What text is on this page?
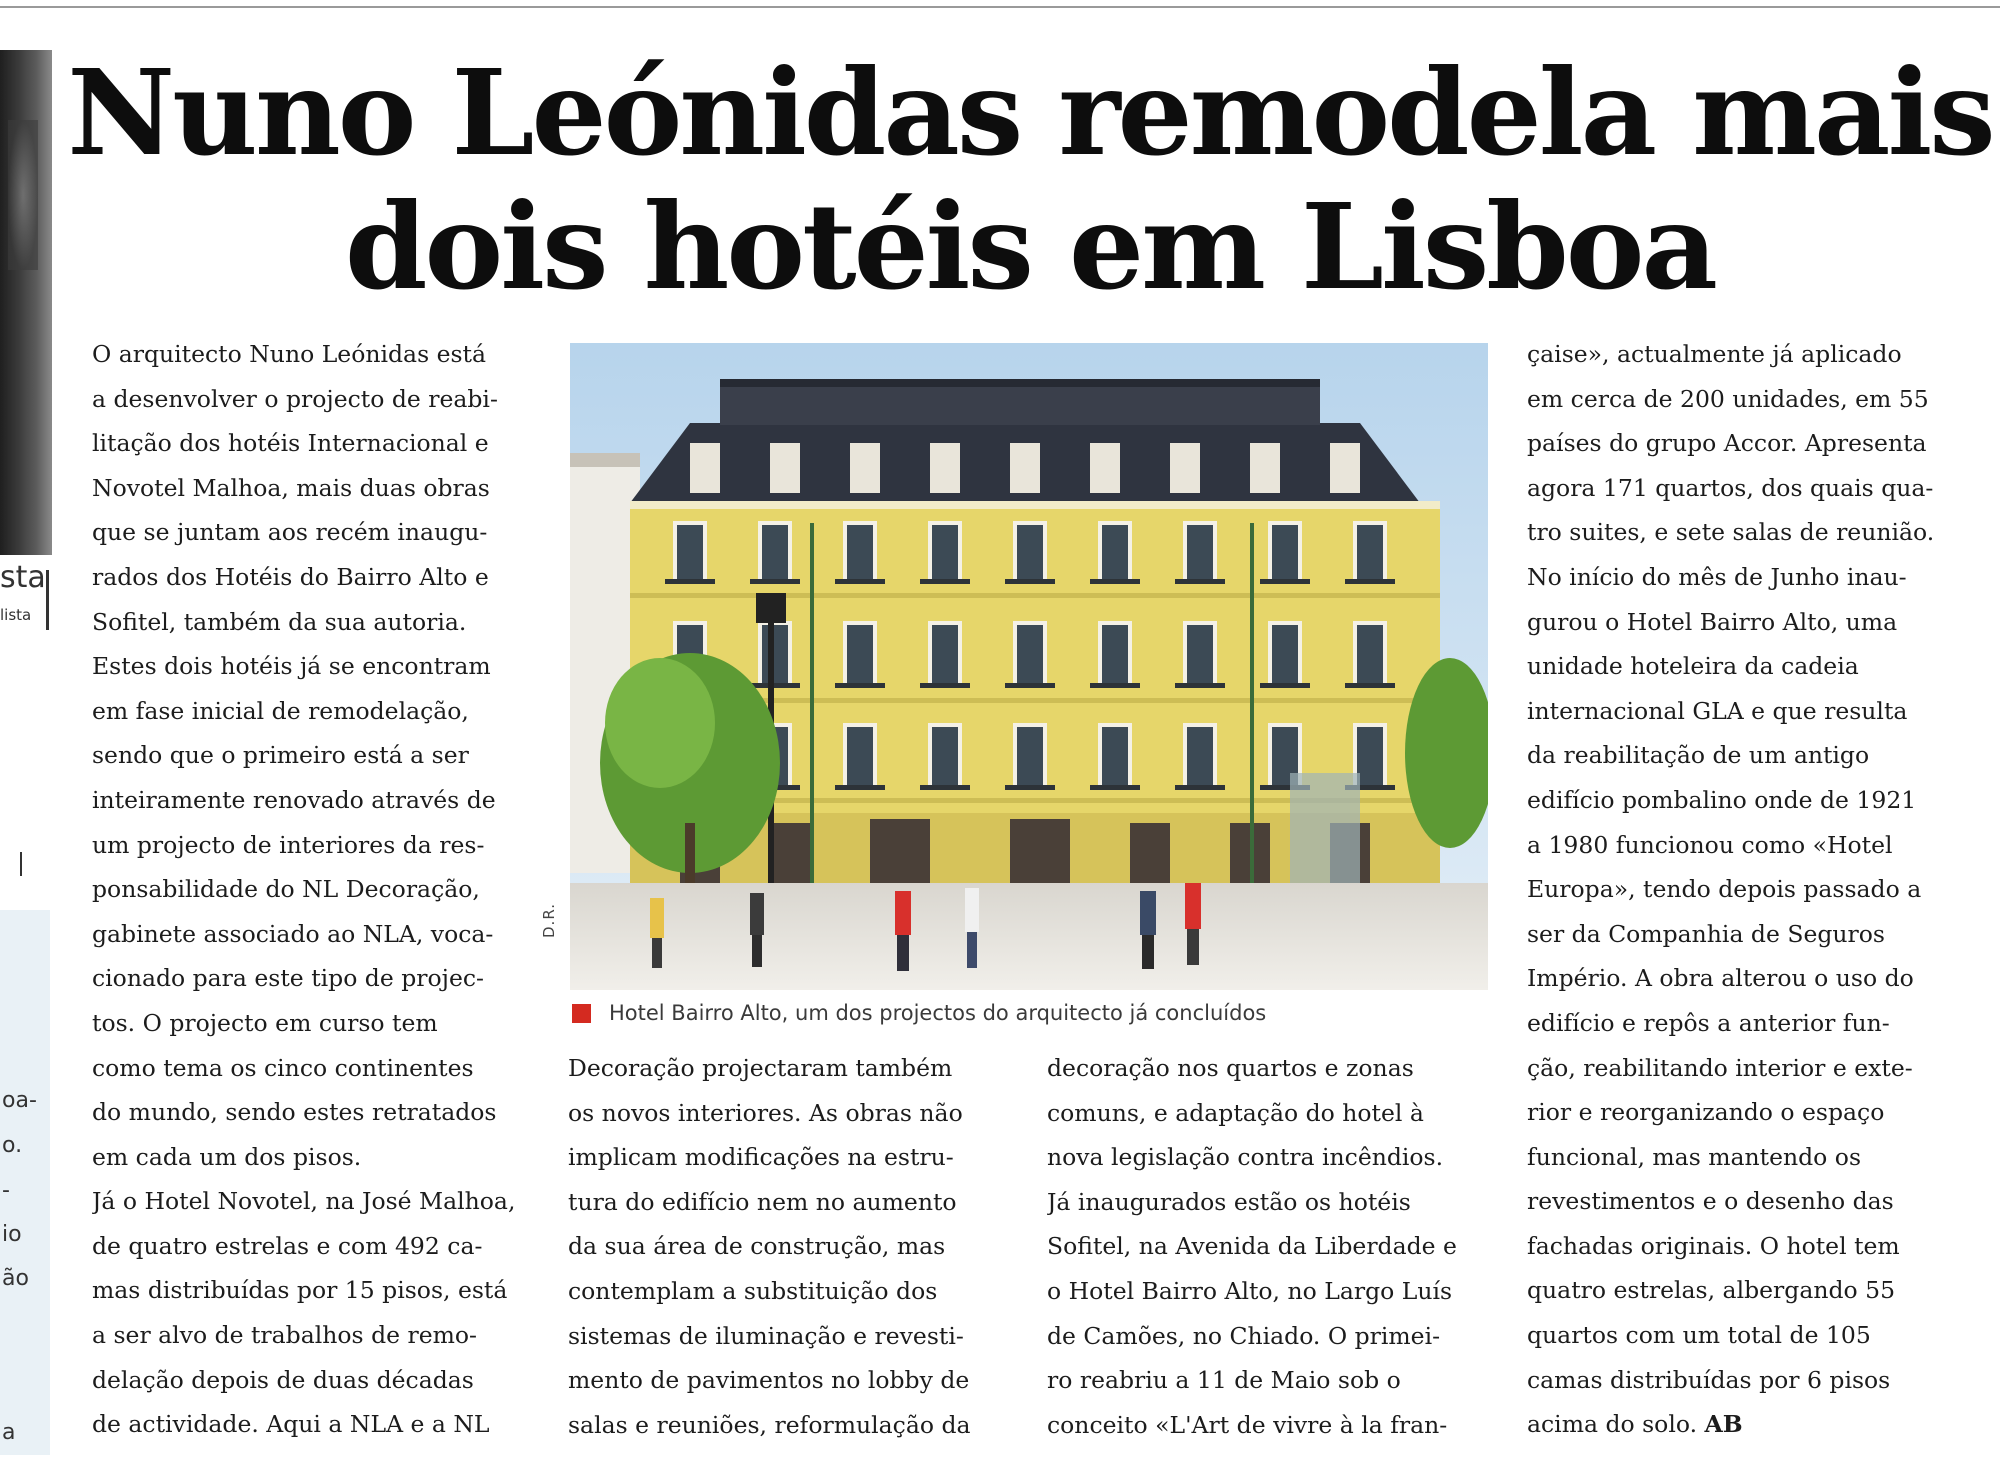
sta
lista
oa-
o.
-
io
ão
a
Nuno Leónidas remodela mais
dois hotéis em Lisboa
O arquitecto Nuno Leónidas está
a desenvolver o projecto de reabi-
litação dos hotéis Internacional e
Novotel Malhoa, mais duas obras
que se juntam aos recém inaugu-
rados dos Hotéis do Bairro Alto e
Sofitel, também da sua autoria.
Estes dois hotéis já se encontram
em fase inicial de remodelação,
sendo que o primeiro está a ser
inteiramente renovado através de
um projecto de interiores da res-
ponsabilidade do NL Decoração,
gabinete associado ao NLA, voca-
cionado para este tipo de projec-
tos. O projecto em curso tem
como tema os cinco continentes
do mundo, sendo estes retratados
em cada um dos pisos.
Já o Hotel Novotel, na José Malhoa,
de quatro estrelas e com 492 ca-
mas distribuídas por 15 pisos, está
a ser alvo de trabalhos de remo-
delação depois de duas décadas
de actividade. Aqui a NLA e a NL
D.R.
Hotel Bairro Alto, um dos projectos do arquitecto já concluídos
Decoração projectaram também
os novos interiores. As obras não
implicam modificações na estru-
tura do edifício nem no aumento
da sua área de construção, mas
contemplam a substituição dos
sistemas de iluminação e revesti-
mento de pavimentos no lobby de
salas e reuniões, reformulação da
decoração nos quartos e zonas
comuns, e adaptação do hotel à
nova legislação contra incêndios.
Já inaugurados estão os hotéis
Sofitel, na Avenida da Liberdade e
o Hotel Bairro Alto, no Largo Luís
de Camões, no Chiado. O primei-
ro reabriu a 11 de Maio sob o
conceito «L'Art de vivre à la fran-
çaise», actualmente já aplicado
em cerca de 200 unidades, em 55
países do grupo Accor. Apresenta
agora 171 quartos, dos quais qua-
tro suites, e sete salas de reunião.
No início do mês de Junho inau-
gurou o Hotel Bairro Alto, uma
unidade hoteleira da cadeia
internacional GLA e que resulta
da reabilitação de um antigo
edifício pombalino onde de 1921
a 1980 funcionou como «Hotel
Europa», tendo depois passado a
ser da Companhia de Seguros
Império. A obra alterou o uso do
edifício e repôs a anterior fun-
ção, reabilitando interior e exte-
rior e reorganizando o espaço
funcional, mas mantendo os
revestimentos e o desenho das
fachadas originais. O hotel tem
quatro estrelas, albergando 55
quartos com um total de 105
camas distribuídas por 6 pisos
acima do solo. AB
